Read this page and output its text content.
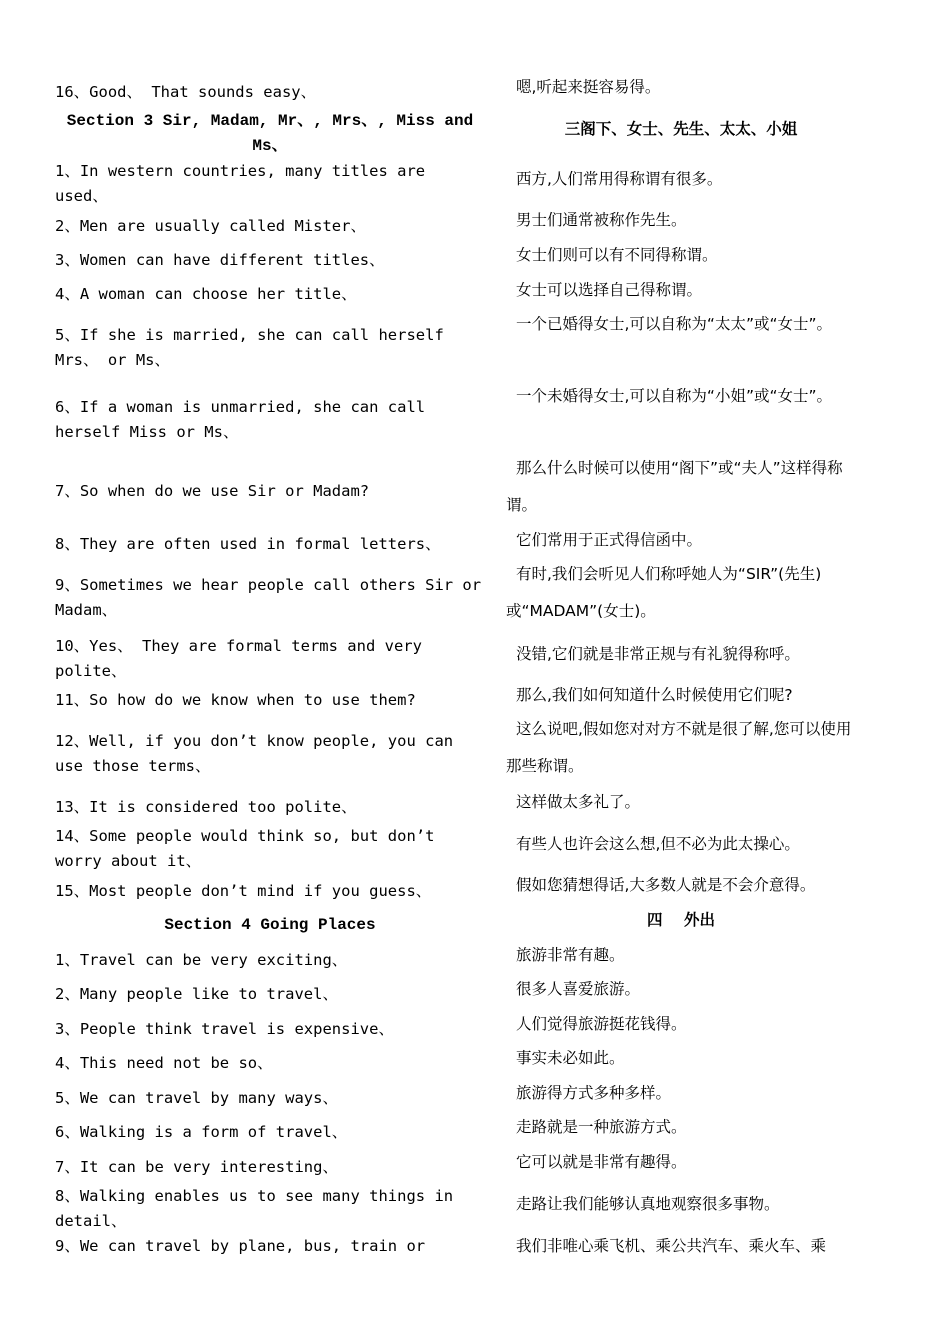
16、Good、 That sounds easy、
Section 3 Sir, Madam, Mr、, Mrs、, Miss and Ms、
1、In western countries, many titles are used、
2、Men are usually called Mister、
3、Women can have different titles、
4、A woman can choose her title、
5、If she is married, she can call herself Mrs、 or Ms、
6、If a woman is unmarried, she can call herself Miss or Ms、
7、So when do we use Sir or Madam?
8、They are often used in formal letters、
9、Sometimes we hear people call others Sir or Madam、
10、Yes、 They are formal terms and very polite、
11、So how do we know when to use them?
12、Well, if you don’t know people, you can use those terms、
13、It is considered too polite、
14、Some people would think so, but don’t worry about it、
15、Most people don’t mind if you guess、
Section 4 Going Places
1、Travel can be very exciting、
2、Many people like to travel、
3、People think travel is expensive、
4、This need not be so、
5、We can travel by many ways、
6、Walking is a form of travel、
7、It can be very interesting、
8、Walking enables us to see many things in detail、
9、We can travel by plane, bus, train or
嗯,听起来挺容易得。
三阁下、女士、先生、太太、小姐
西方,人们常用得称谓有很多。
男士们通常被称作先生。
女士们则可以有不同得称谓。
女士可以选择自己得称谓。
一个已婚得女士,可以自称为“太太”或“女士”。
一个未婚得女士,可以自称为“小姐”或“女士”。
那么什么时候可以使用“阁下”或“夫人”这样得称谓。
它们常用于正式得信函中。
有时,我们会听见人们称呼她人为“SIR”(先生)或“MADAM”(女士)。
没错,它们就是非常正规与有礼貌得称呼。
那么,我们如何知道什么时候使用它们呢?
这么说吧,假如您对对方不就是很了解,您可以使用那些称谓。
这样做太多礼了。
有些人也许会这么想,但不必为此太操心。
假如您猜想得话,大多数人就是不会介意得。
四    外出
旅游非常有趣。
很多人喜爱旅游。
人们觉得旅游挺花钱得。
事实未必如此。
旅游得方式多种多样。
走路就是一种旅游方式。
它可以就是非常有趣得。
走路让我们能够认真地观察很多事物。
我们非唯心乘飞机、乘公共汽车、乘火车、乘
